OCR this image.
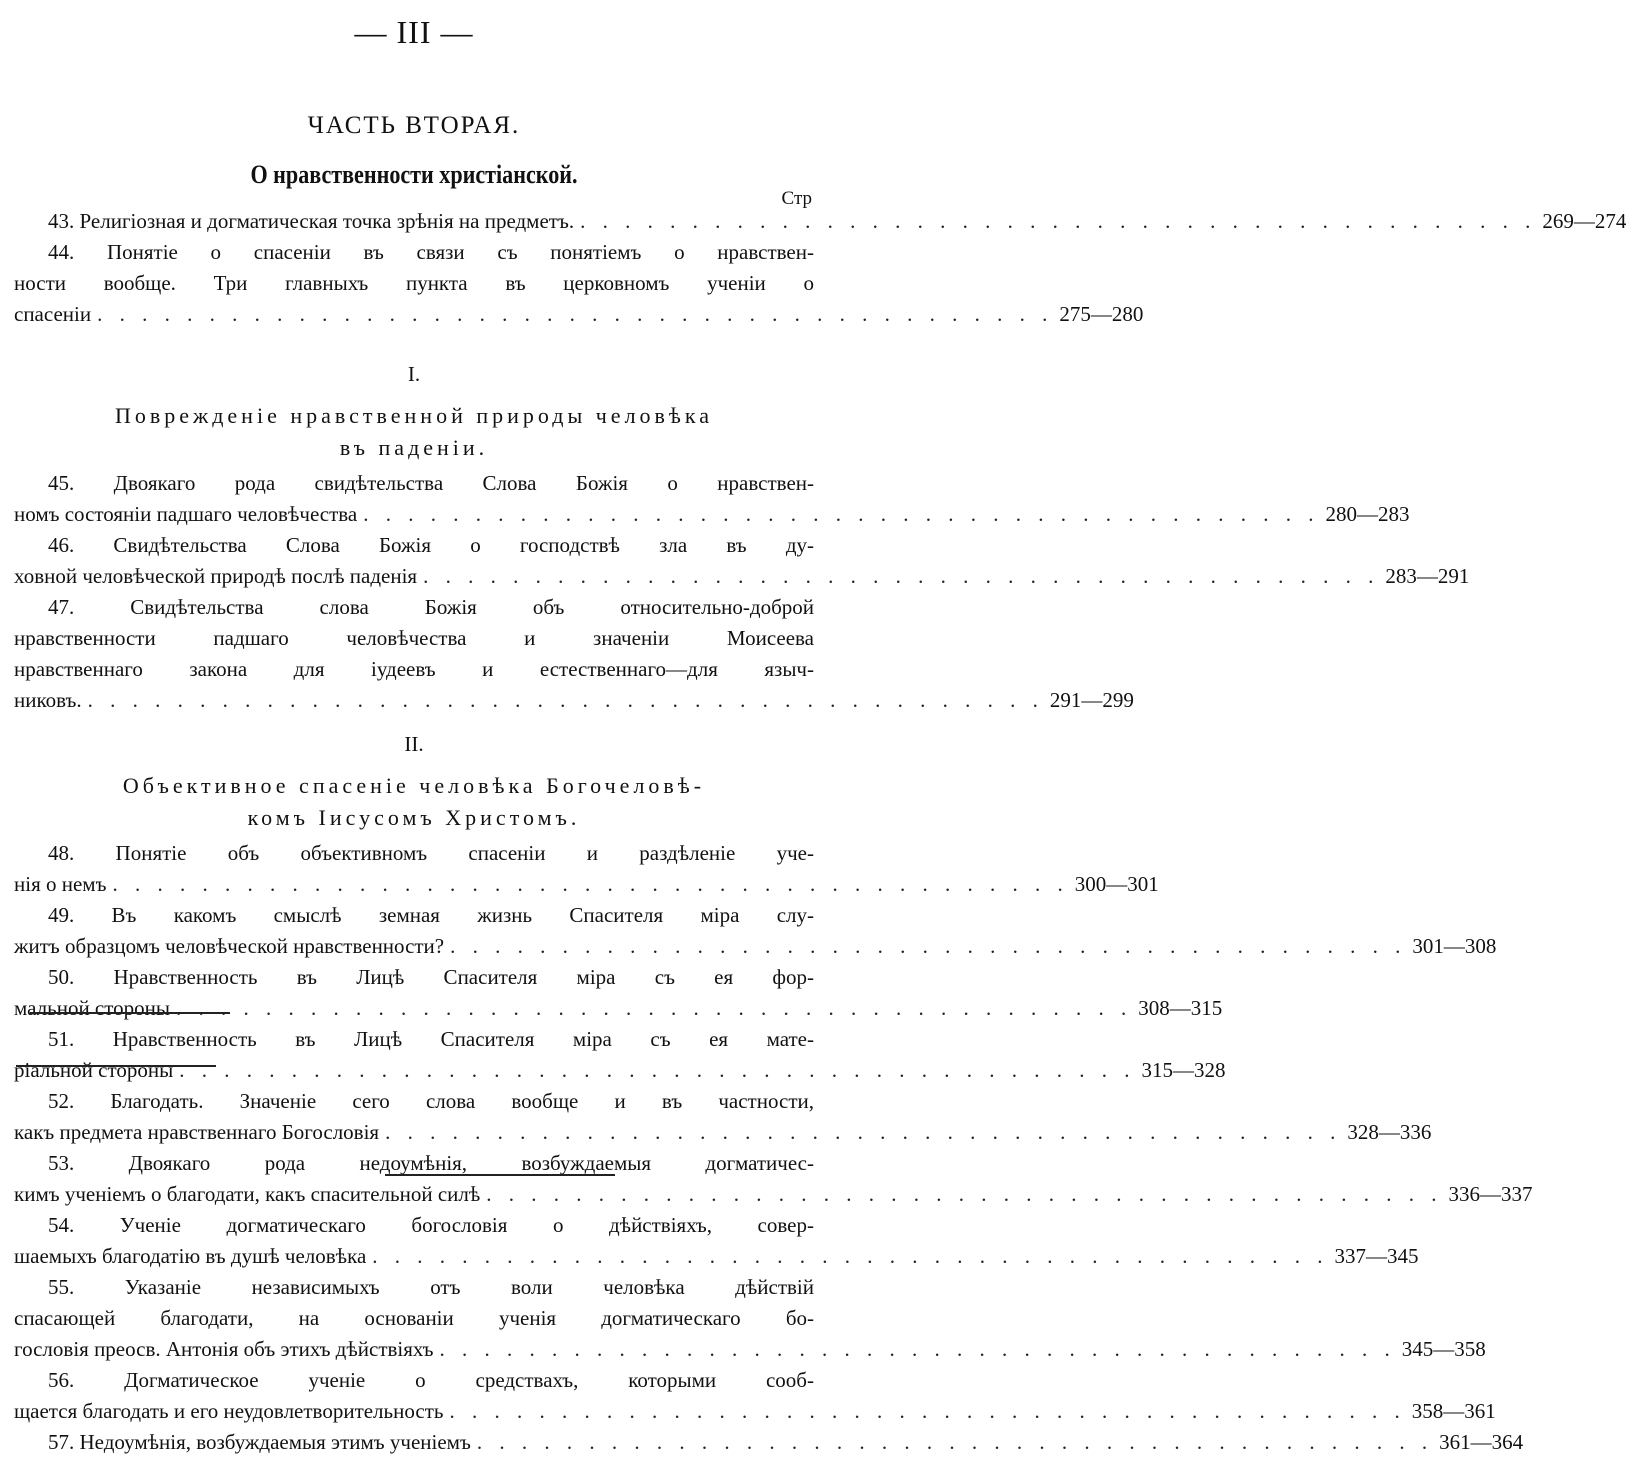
— III —
ЧАСТЬ ВТОРАЯ.
О нравственности христіанской.
Стр
43. Религіозная и догматическая точка зрѣнія на предметъ. . . . . . . . . . . . . . . . . . . . . . . . . . . . . . . . . . . . . . . . . . . . 269—274
44. Понятіе о спасеніи въ связи съ понятіемъ о нравствен-
ности вообще. Три главныхъ пункта въ церковномъ ученіи о
спасеніи . . . . . . . . . . . . . . . . . . . . . . . . . . . . . . . . . . . . . . . . . . . 275—280
I.
Поврежденіе нравственной природы человѣка
въ паденіи.
45. Двоякаго рода свидѣтельства Слова Божія о нравствен-
номъ состояніи падшаго человѣчества . . . . . . . . . . . . . . . . . . . . . . . . . . . . . . . . . . . . . . . . . . . 280—283
46. Свидѣтельства Слова Божія о господствѣ зла въ ду-
ховной человѣческой природѣ послѣ паденія . . . . . . . . . . . . . . . . . . . . . . . . . . . . . . . . . . . . . . . . . . . 283—291
47. Свидѣтельства слова Божія объ относительно-доброй
нравственности падшаго человѣчества и значеніи Моисеева
нравственнаго закона для іудеевъ и естественнаго—для языч-
никовъ. . . . . . . . . . . . . . . . . . . . . . . . . . . . . . . . . . . . . . . . . . . . 291—299
II.
Объективное спасеніе человѣка Богочеловѣ-
комъ Іисусомъ Христомъ.
48. Понятіе объ объективномъ спасеніи и раздѣленіе уче-
нія о немъ . . . . . . . . . . . . . . . . . . . . . . . . . . . . . . . . . . . . . . . . . . . 300—301
49. Въ какомъ смыслѣ земная жизнь Спасителя міра слу-
житъ образцомъ человѣческой нравственности? . . . . . . . . . . . . . . . . . . . . . . . . . . . . . . . . . . . . . . . . . . . 301—308
50. Нравственность въ Лицѣ Спасителя міра съ ея фор-
мальной стороны . . . . . . . . . . . . . . . . . . . . . . . . . . . . . . . . . . . . . . . . . . . 308—315
51. Нравственность въ Лицѣ Спасителя міра съ ея мате-
ріальной стороны . . . . . . . . . . . . . . . . . . . . . . . . . . . . . . . . . . . . . . . . . . . 315—328
52. Благодать. Значеніе сего слова вообще и въ частности,
какъ предмета нравственнаго Богословія . . . . . . . . . . . . . . . . . . . . . . . . . . . . . . . . . . . . . . . . . . . 328—336
53. Двоякаго рода недоумѣнія, возбуждаемыя догматичес-
кимъ ученіемъ о благодати, какъ спасительной силѣ . . . . . . . . . . . . . . . . . . . . . . . . . . . . . . . . . . . . . . . . . . . 336—337
54. Ученіе догматическаго богословія о дѣйствіяхъ, совер-
шаемыхъ благодатію въ душѣ человѣка . . . . . . . . . . . . . . . . . . . . . . . . . . . . . . . . . . . . . . . . . . . 337—345
55. Указаніе независимыхъ отъ воли человѣка дѣйствій
спасающей благодати, на основаніи ученія догматическаго бо-
гословія преосв. Антонія объ этихъ дѣйствіяхъ . . . . . . . . . . . . . . . . . . . . . . . . . . . . . . . . . . . . . . . . . . . 345—358
56. Догматическое ученіе о средствахъ, которыми сооб-
щается благодать и его неудовлетворительность . . . . . . . . . . . . . . . . . . . . . . . . . . . . . . . . . . . . . . . . . . . 358—361
57. Недоумѣнія, возбуждаемыя этимъ ученіемъ . . . . . . . . . . . . . . . . . . . . . . . . . . . . . . . . . . . . . . . . . . . 361—364
